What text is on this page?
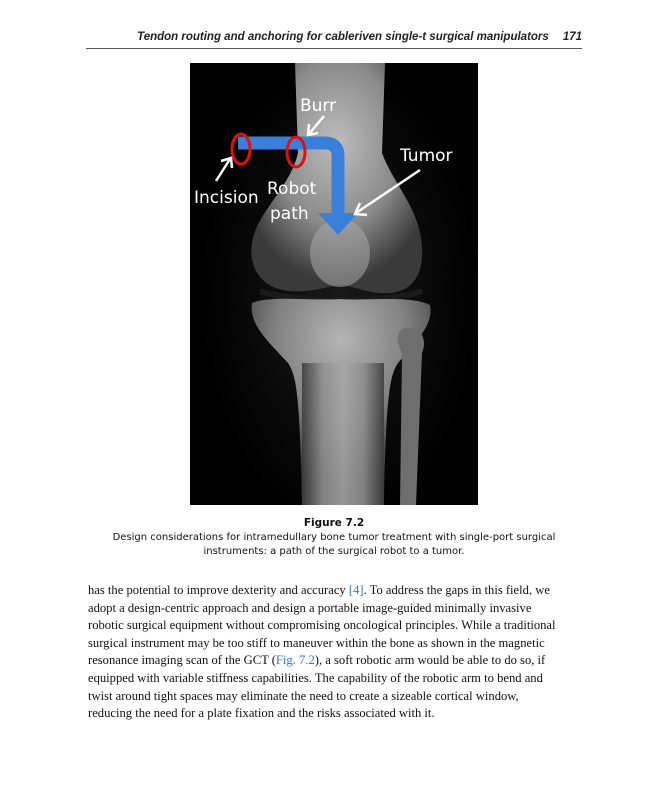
Tendon routing and anchoring for cableriven single-t surgical manipulators 171
Burr
Tumor
Incision Robot
path
Figure 7.2
Design considerations for intramedullary bone tumor treatment with single-port surgical
instruments: a path of the surgical robot to a tumor.
has the potential to improve dexterity and accuracy [4]. To address the gaps in this field, we
adopt a design-centric approach and design a portable image-guided minimally invasive
robotic surgical equipment without compromising oncological principles. While a traditional
surgical instrument may be too stiff to maneuver within the bone as shown in the magnetic
resonance imaging scan of the GCT (Fig. 7.2), a soft robotic arm would be able to do so, if
equipped with variable stiffness capabilities. The capability of the robotic arm to bend and
twist around tight spaces may eliminate the need to create a sizeable cortical window,
reducing the need for a plate fixation and the risks associated with it.
